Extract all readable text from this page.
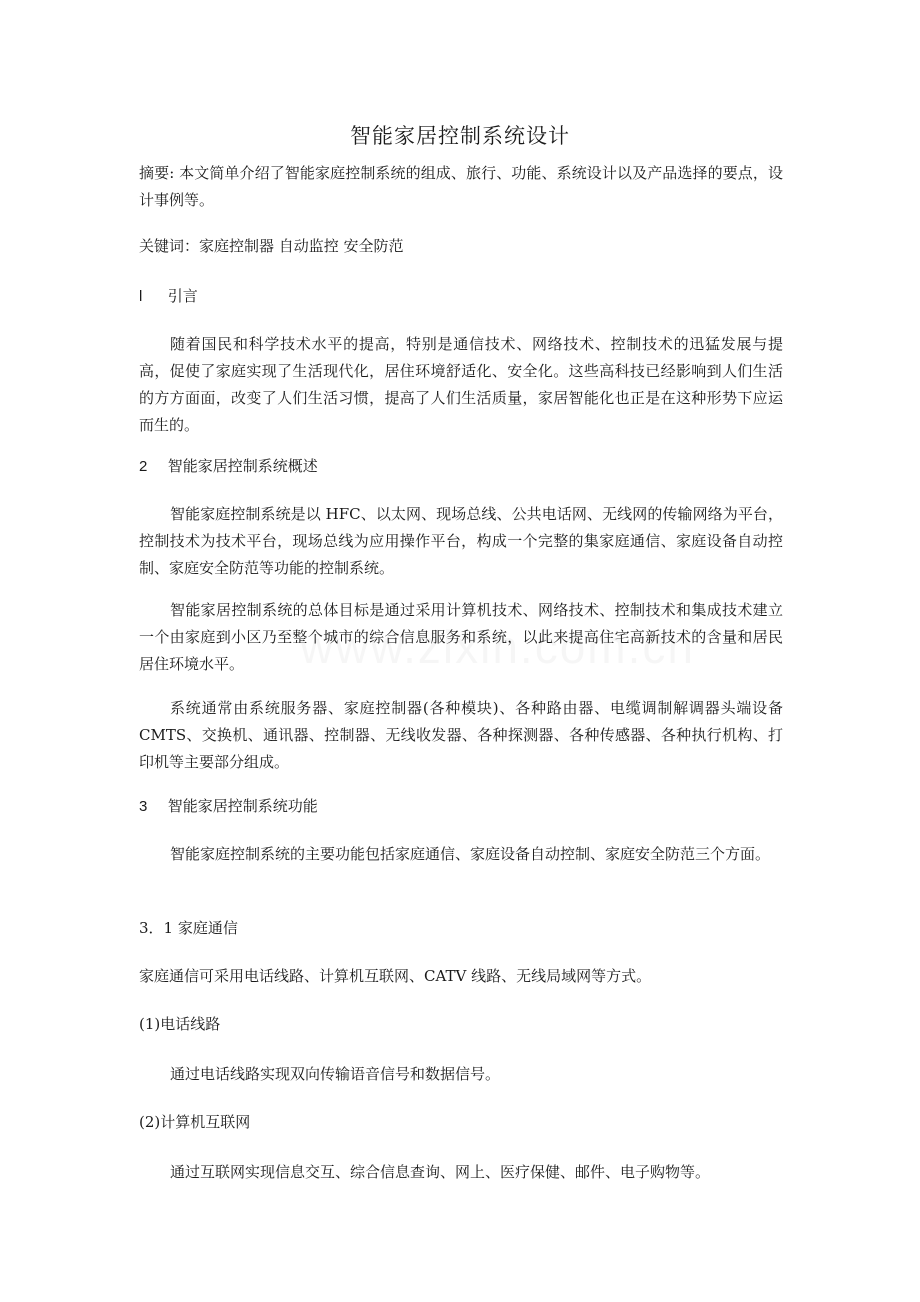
智能家居控制系统设计
摘要: 本文简单介绍了智能家庭控制系统的组成、旅行、功能、系统设计以及产品选择的要点，设计事例等。
关键词：家庭控制器 自动监控 安全防范
l 引言
随着国民和科学技术水平的提高，特别是通信技术、网络技术、控制技术的迅猛发展与提高，促使了家庭实现了生活现代化，居住环境舒适化、安全化。这些高科技已经影响到人们生活的方方面面，改变了人们生活习惯，提高了人们生活质量，家居智能化也正是在这种形势下应运而生的。
2 智能家居控制系统概述
智能家庭控制系统是以 HFC、以太网、现场总线、公共电话网、无线网的传输网络为平台，控制技术为技术平台，现场总线为应用操作平台，构成一个完整的集家庭通信、家庭设备自动控制、家庭安全防范等功能的控制系统。
智能家居控制系统的总体目标是通过采用计算机技术、网络技术、控制技术和集成技术建立一个由家庭到小区乃至整个城市的综合信息服务和系统，以此来提高住宅高新技术的含量和居民居住环境水平。
系统通常由系统服务器、家庭控制器(各种模块)、各种路由器、电缆调制解调器头端设备 CMTS、交换机、通讯器、控制器、无线收发器、各种探测器、各种传感器、各种执行机构、打印机等主要部分组成。
3 智能家居控制系统功能
智能家庭控制系统的主要功能包括家庭通信、家庭设备自动控制、家庭安全防范三个方面。
3．1 家庭通信
家庭通信可采用电话线路、计算机互联网、CATV 线路、无线局域网等方式。
(1)电话线路
通过电话线路实现双向传输语音信号和数据信号。
(2)计算机互联网
通过互联网实现信息交互、综合信息查询、网上、医疗保健、邮件、电子购物等。
